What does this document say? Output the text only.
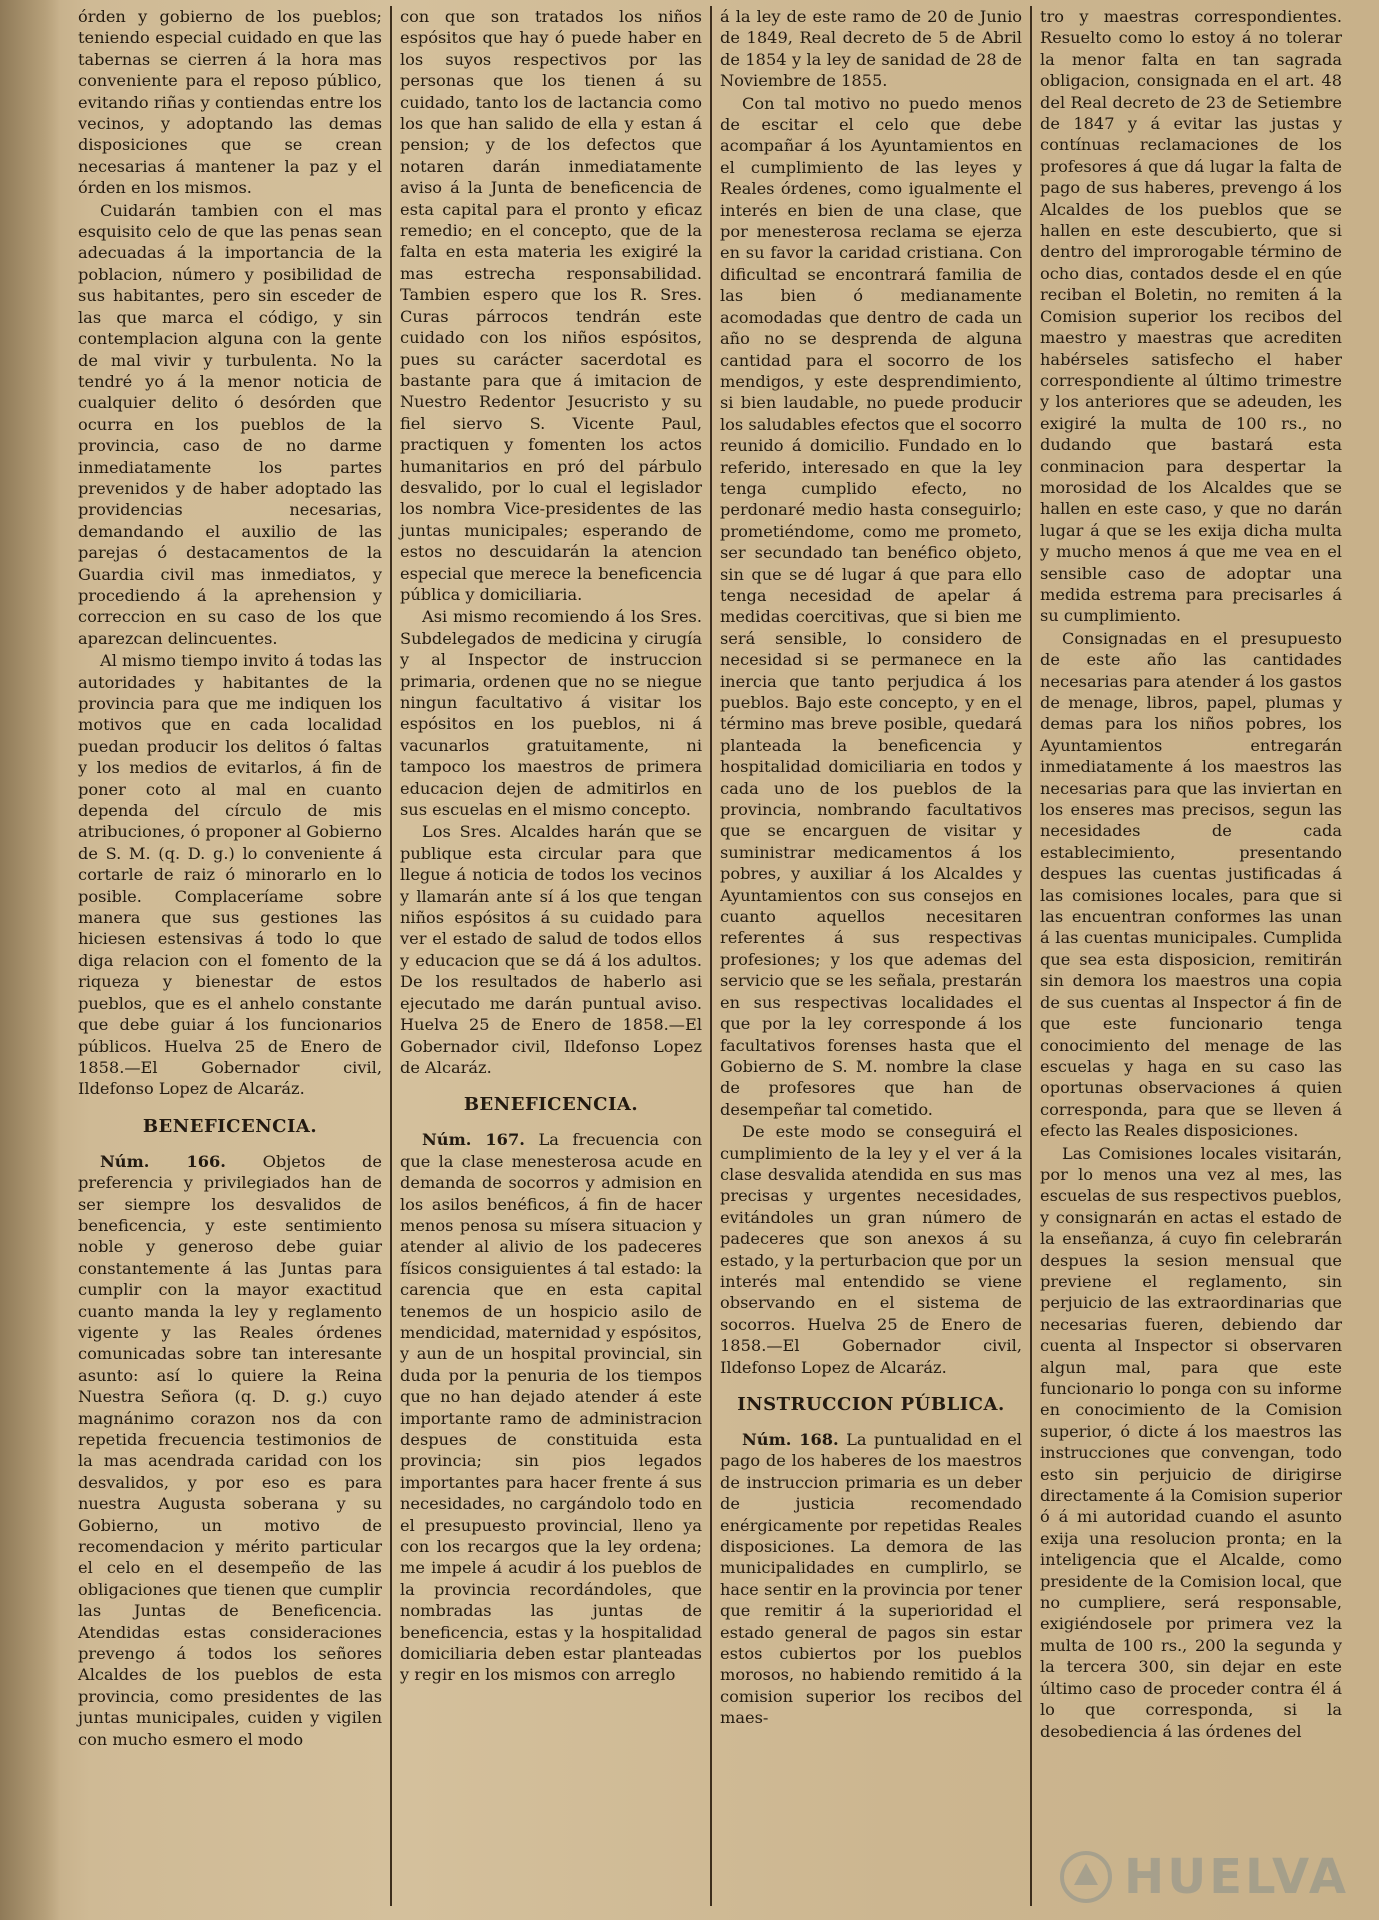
órden y gobierno de los pueblos; teniendo especial cuidado en que las tabernas se cierren á la hora mas conveniente para el reposo público, evitando riñas y contiendas entre los vecinos, y adoptando las demas disposiciones que se crean necesarias á mantener la paz y el órden en los mismos.

Cuidarán tambien con el mas esquisito celo de que las penas sean adecuadas á la importancia de la poblacion, número y posibilidad de sus habitantes, pero sin esceder de las que marca el código, y sin contemplacion alguna con la gente de mal vivir y turbulenta. No la tendré yo á la menor noticia de cualquier delito ó desórden que ocurra en los pueblos de la provincia, caso de no darme inmediatamente los partes prevenidos y de haber adoptado las providencias necesarias, demandando el auxilio de las parejas ó destacamentos de la Guardia civil mas inmediatos, y procediendo á la aprehension y correccion en su caso de los que aparezcan delincuentes.

Al mismo tiempo invito á todas las autoridades y habitantes de la provincia para que me indiquen los motivos que en cada localidad puedan producir los delitos ó faltas y los medios de evitarlos, á fin de poner coto al mal en cuanto dependa del círculo de mis atribuciones, ó proponer al Gobierno de S. M. (q. D. g.) lo conveniente á cortarle de raiz ó minorarlo en lo posible. Complaceríame sobre manera que sus gestiones las hiciesen estensivas á todo lo que diga relacion con el fomento de la riqueza y bienestar de estos pueblos, que es el anhelo constante que debe guiar á los funcionarios públicos. Huelva 25 de Enero de 1858.—El Gobernador civil, Ildefonso Lopez de Alcaráz.

BENEFICENCIA.

Núm. 166. Objetos de preferencia y privilegiados han de ser siempre los desvalidos de beneficencia, y este sentimiento noble y generoso debe guiar constantemente á las Juntas para cumplir con la mayor exactitud cuanto manda la ley y reglamento vigente y las Reales órdenes comunicadas sobre tan interesante asunto: así lo quiere la Reina Nuestra Señora (q. D. g.) cuyo magnánimo corazon nos da con repetida frecuencia testimonios de la mas acendrada caridad con los desvalidos, y por eso es para nuestra Augusta soberana y su Gobierno, un motivo de recomendacion y mérito particular el celo en el desempeño de las obligaciones que tienen que cumplir las Juntas de Beneficencia. Atendidas estas consideraciones prevengo á todos los señores Alcaldes de los pueblos de esta provincia, como presidentes de las juntas municipales, cuiden y vigilen con mucho esmero el modo

con que son tratados los niños espósitos que hay ó puede haber en los suyos respectivos por las personas que los tienen á su cuidado, tanto los de lactancia como los que han salido de ella y estan á pension; y de los defectos que notaren darán inmediatamente aviso á la Junta de beneficencia de esta capital para el pronto y eficaz remedio; en el concepto, que de la falta en esta materia les exigiré la mas estrecha responsabilidad. Tambien espero que los R. Sres. Curas párrocos tendrán este cuidado con los niños espósitos, pues su carácter sacerdotal es bastante para que á imitacion de Nuestro Redentor Jesucristo y su fiel siervo S. Vicente Paul, practiquen y fomenten los actos humanitarios en pró del párbulo desvalido, por lo cual el legislador los nombra Vice-presidentes de las juntas municipales; esperando de estos no descuidarán la atencion especial que merece la beneficencia pública y domiciliaria.

Asi mismo recomiendo á los Sres. Subdelegados de medicina y cirugía y al Inspector de instruccion primaria, ordenen que no se niegue ningun facultativo á visitar los espósitos en los pueblos, ni á vacunarlos gratuitamente, ni tampoco los maestros de primera educacion dejen de admitirlos en sus escuelas en el mismo concepto.

Los Sres. Alcaldes harán que se publique esta circular para que llegue á noticia de todos los vecinos y llamarán ante sí á los que tengan niños espósitos á su cuidado para ver el estado de salud de todos ellos y educacion que se dá á los adultos. De los resultados de haberlo asi ejecutado me darán puntual aviso. Huelva 25 de Enero de 1858.—El Gobernador civil, Ildefonso Lopez de Alcaráz.

BENEFICENCIA.

Núm. 167. La frecuencia con que la clase menesterosa acude en demanda de socorros y admision en los asilos benéficos, á fin de hacer menos penosa su mísera situacion y atender al alivio de los padeceres físicos consiguientes á tal estado: la carencia que en esta capital tenemos de un hospicio asilo de mendicidad, maternidad y espósitos, y aun de un hospital provincial, sin duda por la penuria de los tiempos que no han dejado atender á este importante ramo de administracion despues de constituida esta provincia; sin pios legados importantes para hacer frente á sus necesidades, no cargándolo todo en el presupuesto provincial, lleno ya con los recargos que la ley ordena; me impele á acudir á los pueblos de la provincia recordándoles, que nombradas las juntas de beneficencia, estas y la hospitalidad domiciliaria deben estar planteadas y regir en los mismos con arreglo

á la ley de este ramo de 20 de Junio de 1849, Real decreto de 5 de Abril de 1854 y la ley de sanidad de 28 de Noviembre de 1855.

Con tal motivo no puedo menos de escitar el celo que debe acompañar á los Ayuntamientos en el cumplimiento de las leyes y Reales órdenes, como igualmente el interés en bien de una clase, que por menesterosa reclama se ejerza en su favor la caridad cristiana. Con dificultad se encontrará familia de las bien ó medianamente acomodadas que dentro de cada un año no se desprenda de alguna cantidad para el socorro de los mendigos, y este desprendimiento, si bien laudable, no puede producir los saludables efectos que el socorro reunido á domicilio. Fundado en lo referido, interesado en que la ley tenga cumplido efecto, no perdonaré medio hasta conseguirlo; prometiéndome, como me prometo, ser secundado tan benéfico objeto, sin que se dé lugar á que para ello tenga necesidad de apelar á medidas coercitivas, que si bien me será sensible, lo considero de necesidad si se permanece en la inercia que tanto perjudica á los pueblos. Bajo este concepto, y en el término mas breve posible, quedará planteada la beneficencia y hospitalidad domiciliaria en todos y cada uno de los pueblos de la provincia, nombrando facultativos que se encarguen de visitar y suministrar medicamentos á los pobres, y auxiliar á los Alcaldes y Ayuntamientos con sus consejos en cuanto aquellos necesitaren referentes á sus respectivas profesiones; y los que ademas del servicio que se les señala, prestarán en sus respectivas localidades el que por la ley corresponde á los facultativos forenses hasta que el Gobierno de S. M. nombre la clase de profesores que han de desempeñar tal cometido.

De este modo se conseguirá el cumplimiento de la ley y el ver á la clase desvalida atendida en sus mas precisas y urgentes necesidades, evitándoles un gran número de padeceres que son anexos á su estado, y la perturbacion que por un interés mal entendido se viene observando en el sistema de socorros. Huelva 25 de Enero de 1858.—El Gobernador civil, Ildefonso Lopez de Alcaráz.

INSTRUCCION PÚBLICA.

Núm. 168. La puntualidad en el pago de los haberes de los maestros de instruccion primaria es un deber de justicia recomendado enérgicamente por repetidas Reales disposiciones. La demora de las municipalidades en cumplirlo, se hace sentir en la provincia por tener que remitir á la superioridad el estado general de pagos sin estar estos cubiertos por los pueblos morosos, no habiendo remitido á la comision superior los recibos del maes-

tro y maestras correspondientes. Resuelto como lo estoy á no tolerar la menor falta en tan sagrada obligacion, consignada en el art. 48 del Real decreto de 23 de Setiembre de 1847 y á evitar las justas y contínuas reclamaciones de los profesores á que dá lugar la falta de pago de sus haberes, prevengo á los Alcaldes de los pueblos que se hallen en este descubierto, que si dentro del improrogable término de ocho dias, contados desde el en qúe reciban el Boletin, no remiten á la Comision superior los recibos del maestro y maestras que acrediten habérseles satisfecho el haber correspondiente al último trimestre y los anteriores que se adeuden, les exigiré la multa de 100 rs., no dudando que bastará esta conminacion para despertar la morosidad de los Alcaldes que se hallen en este caso, y que no darán lugar á que se les exija dicha multa y mucho menos á que me vea en el sensible caso de adoptar una medida estrema para precisarles á su cumplimiento.

Consignadas en el presupuesto de este año las cantidades necesarias para atender á los gastos de menage, libros, papel, plumas y demas para los niños pobres, los Ayuntamientos entregarán inmediatamente á los maestros las necesarias para que las inviertan en los enseres mas precisos, segun las necesidades de cada establecimiento, presentando despues las cuentas justificadas á las comisiones locales, para que si las encuentran conformes las unan á las cuentas municipales. Cumplida que sea esta disposicion, remitirán sin demora los maestros una copia de sus cuentas al Inspector á fin de que este funcionario tenga conocimiento del menage de las escuelas y haga en su caso las oportunas observaciones á quien corresponda, para que se lleven á efecto las Reales disposiciones.

Las Comisiones locales visitarán, por lo menos una vez al mes, las escuelas de sus respectivos pueblos, y consignarán en actas el estado de la enseñanza, á cuyo fin celebrarán despues la sesion mensual que previene el reglamento, sin perjuicio de las extraordinarias que necesarias fueren, debiendo dar cuenta al Inspector si observaren algun mal, para que este funcionario lo ponga con su informe en conocimiento de la Comision superior, ó dicte á los maestros las instrucciones que convengan, todo esto sin perjuicio de dirigirse directamente á la Comision superior ó á mi autoridad cuando el asunto exija una resolucion pronta; en la inteligencia que el Alcalde, como presidente de la Comision local, que no cumpliere, será responsable, exigiéndosele por primera vez la multa de 100 rs., 200 la segunda y la tercera 300, sin dejar en este último caso de proceder contra él á lo que corresponda, si la desobediencia á las órdenes del

HUELVA
